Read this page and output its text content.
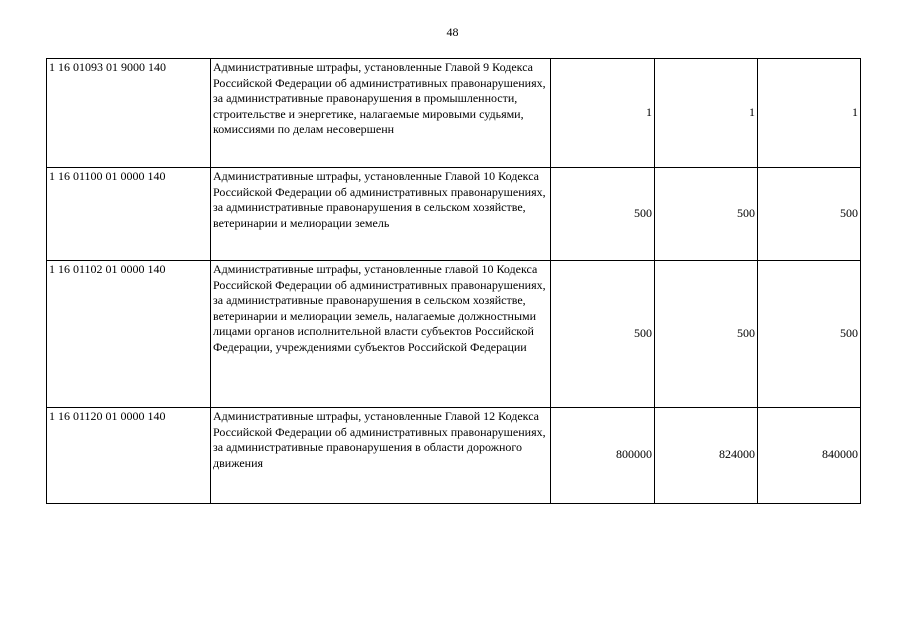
48
1 16 01093 01 9000 140	Административные штрафы, установленные Главой 9 Кодекса Российской Федерации об административных правонарушениях, за административные правонарушения в промышленности, строительстве и энергетике, налагаемые мировыми судьями, комиссиями по делам несовершенн	1	1	1
1 16 01100 01 0000 140	Административные штрафы, установленные Главой 10 Кодекса Российской Федерации об административных правонарушениях, за административные правонарушения в сельском хозяйстве, ветеринарии и мелиорации земель	500	500	500
1 16 01102 01 0000 140	Административные штрафы, установленные главой 10 Кодекса Российской Федерации об административных правонарушениях, за административные правонарушения в сельском хозяйстве, ветеринарии и мелиорации земель, налагаемые должностными лицами органов исполнительной власти субъектов Российской Федерации, учреждениями субъектов Российской Федерации	500	500	500
1 16 01120 01 0000 140	Административные штрафы, установленные Главой 12 Кодекса Российской Федерации об административных правонарушениях, за административные правонарушения в области дорожного движения	800000	824000	840000
